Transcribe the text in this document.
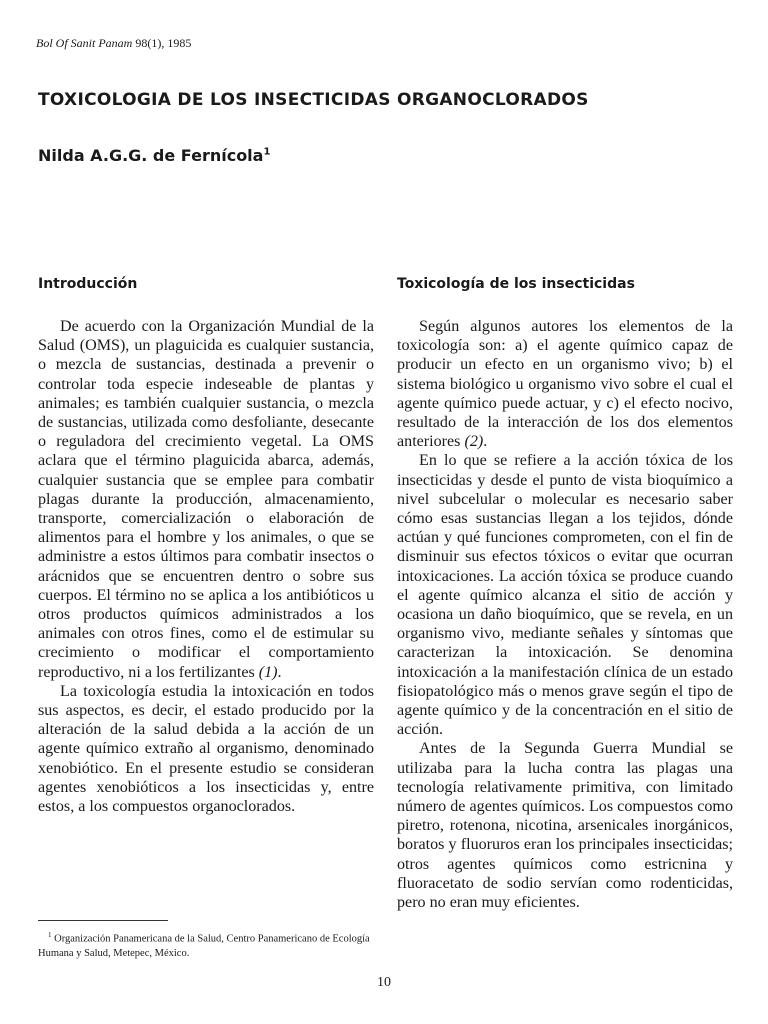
Bol Of Sanit Panam 98(1), 1985
TOXICOLOGIA DE LOS INSECTICIDAS ORGANOCLORADOS
Nilda A.G.G. de Fernícola$^1$
Introducción

De acuerdo con la Organización Mundial de la Salud (OMS), un plaguicida es cualquier sustancia, o mezcla de sustancias, destinada a prevenir o controlar toda especie indeseable de plantas y animales; es también cualquier sustancia, o mezcla de sustancias, utilizada como desfoliante, desecante o reguladora del crecimiento vegetal. La OMS aclara que el término plaguicida abarca, además, cualquier sustancia que se emplee para combatir plagas durante la producción, almacenamiento, transporte, comercialización o elaboración de alimentos para el hombre y los animales, o que se administre a estos últimos para combatir insectos o arácnidos que se encuentren dentro o sobre sus cuerpos. El término no se aplica a los antibióticos u otros productos químicos administrados a los animales con otros fines, como el de estimular su crecimiento o modificar el comportamiento reproductivo, ni a los fertilizantes (1).

La toxicología estudia la intoxicación en todos sus aspectos, es decir, el estado producido por la alteración de la salud debida a la acción de un agente químico extraño al organismo, denominado xenobiótico. En el presente estudio se consideran agentes xenobióticos a los insecticidas y, entre estos, a los compuestos organoclorados.

Toxicología de los insecticidas

Según algunos autores los elementos de la toxicología son: a) el agente químico capaz de producir un efecto en un organismo vivo; b) el sistema biológico u organismo vivo sobre el cual el agente químico puede actuar, y c) el efecto nocivo, resultado de la interacción de los dos elementos anteriores (2).

En lo que se refiere a la acción tóxica de los insecticidas y desde el punto de vista bioquímico a nivel subcelular o molecular es necesario saber cómo esas sustancias llegan a los tejidos, dónde actúan y qué funciones comprometen, con el fin de disminuir sus efectos tóxicos o evitar que ocurran intoxicaciones. La acción tóxica se produce cuando el agente químico alcanza el sitio de acción y ocasiona un daño bioquímico, que se revela, en un organismo vivo, mediante señales y síntomas que caracterizan la intoxicación. Se denomina intoxicación a la manifestación clínica de un estado fisiopatológico más o menos grave según el tipo de agente químico y de la concentración en el sitio de acción.

Antes de la Segunda Guerra Mundial se utilizaba para la lucha contra las plagas una tecnología relativamente primitiva, con limitado número de agentes químicos. Los compuestos como piretro, rotenona, nicotina, arsenicales inorgánicos, boratos y fluoruros eran los principales insecticidas; otros agentes químicos como estricnina y fluoracetato de sodio servían como rodenticidas, pero no eran muy eficientes.

$^1$ Organización Panamericana de la Salud, Centro Panamericano de Ecología Humana y Salud, Metepec, México.

10
